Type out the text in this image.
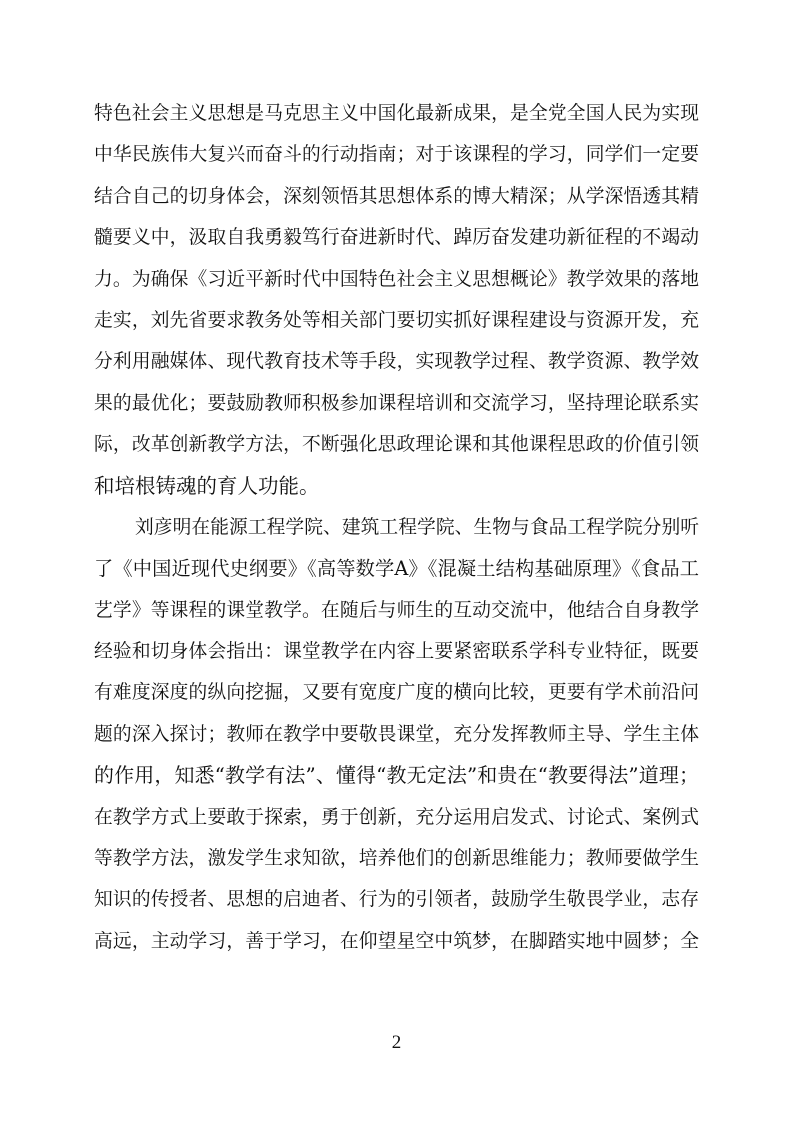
特色社会主义思想是马克思主义中国化最新成果，是全党全国人民为实现
中华民族伟大复兴而奋斗的行动指南；对于该课程的学习，同学们一定要
结合自己的切身体会，深刻领悟其思想体系的博大精深；从学深悟透其精
髓要义中，汲取自我勇毅笃行奋进新时代、踔厉奋发建功新征程的不竭动
力。为确保《习近平新时代中国特色社会主义思想概论》教学效果的落地
走实，刘先省要求教务处等相关部门要切实抓好课程建设与资源开发，充
分利用融媒体、现代教育技术等手段，实现教学过程、教学资源、教学效
果的最优化；要鼓励教师积极参加课程培训和交流学习，坚持理论联系实
际，改革创新教学方法，不断强化思政理论课和其他课程思政的价值引领
和培根铸魂的育人功能。
刘彦明在能源工程学院、建筑工程学院、生物与食品工程学院分别听
了《中国近现代史纲要》《高等数学A》《混凝土结构基础原理》《食品工
艺学》等课程的课堂教学。在随后与师生的互动交流中，他结合自身教学
经验和切身体会指出：课堂教学在内容上要紧密联系学科专业特征，既要
有难度深度的纵向挖掘，又要有宽度广度的横向比较，更要有学术前沿问
题的深入探讨；教师在教学中要敬畏课堂，充分发挥教师主导、学生主体
的作用，知悉“教学有法”、懂得“教无定法”和贵在“教要得法”道理；
在教学方式上要敢于探索，勇于创新，充分运用启发式、讨论式、案例式
等教学方法，激发学生求知欲，培养他们的创新思维能力；教师要做学生
知识的传授者、思想的启迪者、行为的引领者，鼓励学生敬畏学业，志存
高远，主动学习，善于学习，在仰望星空中筑梦，在脚踏实地中圆梦；全
2
